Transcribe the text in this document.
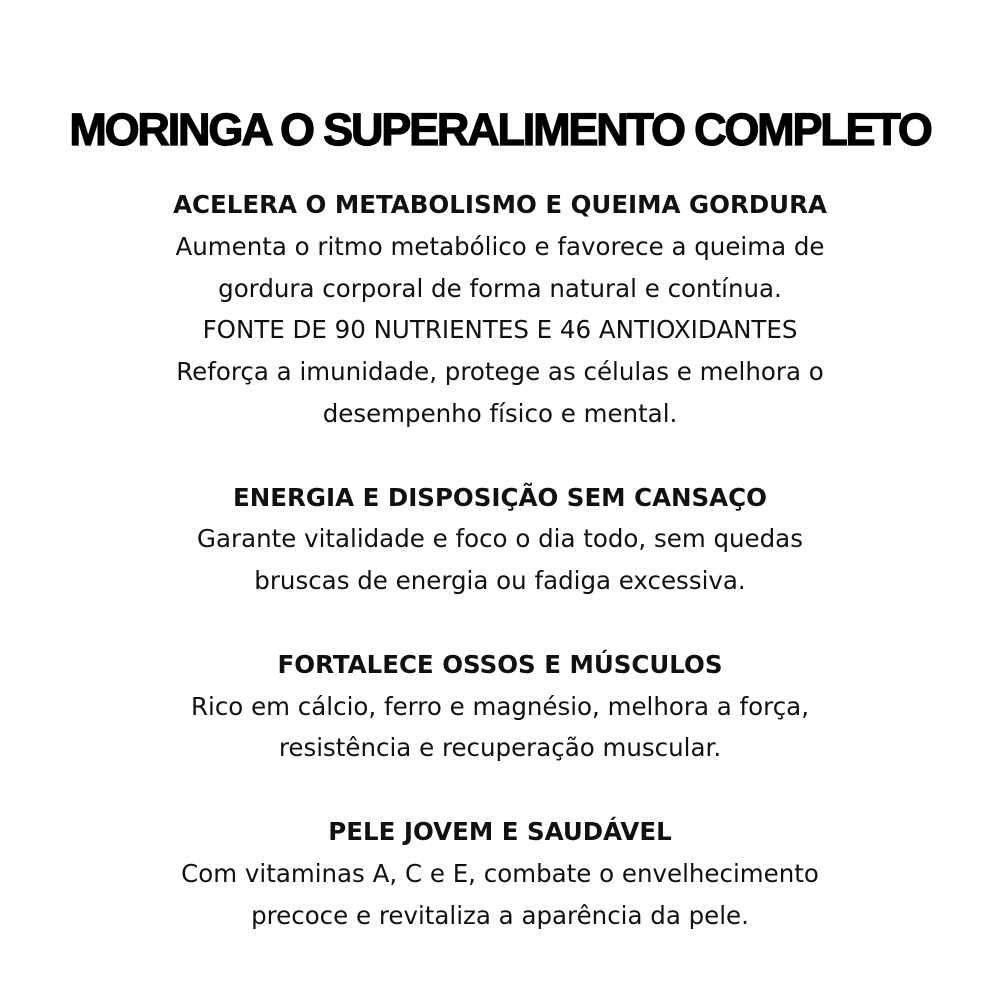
MORINGA O SUPERALIMENTO COMPLETO
ACELERA O METABOLISMO E QUEIMA GORDURA
Aumenta o ritmo metabólico e favorece a queima de
gordura corporal de forma natural e contínua.
FONTE DE 90 NUTRIENTES E 46 ANTIOXIDANTES
Reforça a imunidade, protege as células e melhora o
desempenho físico e mental.
ENERGIA E DISPOSIÇÃO SEM CANSAÇO
Garante vitalidade e foco o dia todo, sem quedas
bruscas de energia ou fadiga excessiva.
FORTALECE OSSOS E MÚSCULOS
Rico em cálcio, ferro e magnésio, melhora a força,
resistência e recuperação muscular.
PELE JOVEM E SAUDÁVEL
Com vitaminas A, C e E, combate o envelhecimento
precoce e revitaliza a aparência da pele.
